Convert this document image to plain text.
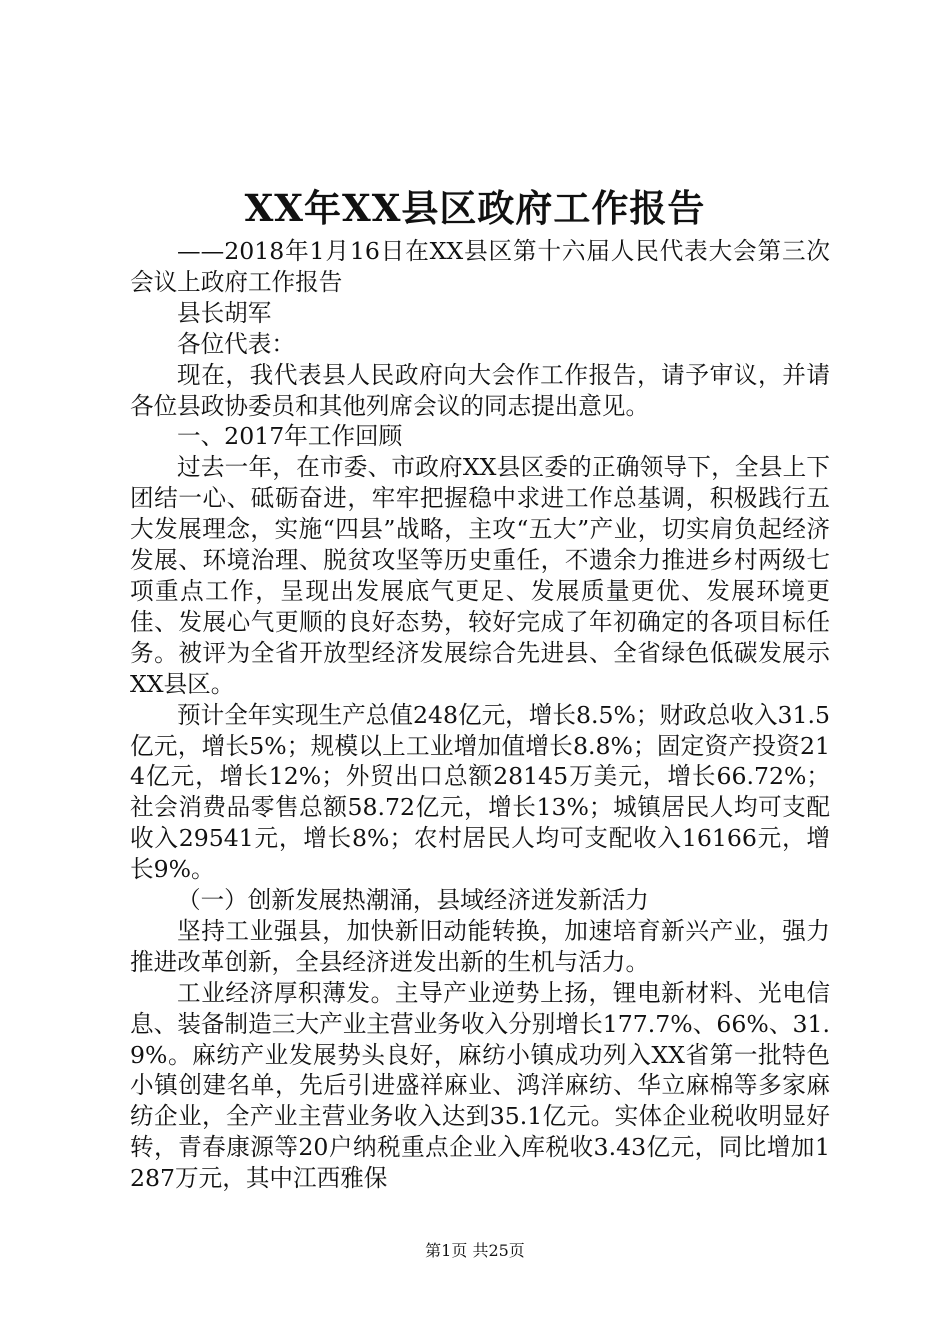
XX年XX县区政府工作报告

——2018年1月16日在XX县区第十六届人民代表大会第三次会议上政府工作报告

县长胡军

各位代表：

现在，我代表县人民政府向大会作工作报告，请予审议，并请各位县政协委员和其他列席会议的同志提出意见。

一、2017年工作回顾

过去一年，在市委、市政府XX县区委的正确领导下，全县上下团结一心、砥砺奋进，牢牢把握稳中求进工作总基调，积极践行五大发展理念，实施“四县”战略，主攻“五大”产业，切实肩负起经济发展、环境治理、脱贫攻坚等历史重任，不遗余力推进乡村两级七项重点工作，呈现出发展底气更足、发展质量更优、发展环境更佳、发展心气更顺的良好态势，较好完成了年初确定的各项目标任务。被评为全省开放型经济发展综合先进县、全省绿色低碳发展示XX县区。

预计全年实现生产总值248亿元，增长8.5%；财政总收入31.5亿元，增长5%；规模以上工业增加值增长8.8%；固定资产投资214亿元，增长12%；外贸出口总额28145万美元，增长66.72%；社会消费品零售总额58.72亿元，增长13%；城镇居民人均可支配收入29541元，增长8%；农村居民人均可支配收入16166元，增长9%。

（一）创新发展热潮涌，县域经济迸发新活力

坚持工业强县，加快新旧动能转换，加速培育新兴产业，强力推进改革创新，全县经济迸发出新的生机与活力。

工业经济厚积薄发。主导产业逆势上扬，锂电新材料、光电信息、装备制造三大产业主营业务收入分别增长177.7%、66%、31.9%。麻纺产业发展势头良好，麻纺小镇成功列入XX省第一批特色小镇创建名单，先后引进盛祥麻业、鸿洋麻纺、华立麻棉等多家麻纺企业，全产业主营业务收入达到35.1亿元。实体企业税收明显好转，青春康源等20户纳税重点企业入库税收3.43亿元，同比增加1287万元，其中江西雅保

第1页 共25页
